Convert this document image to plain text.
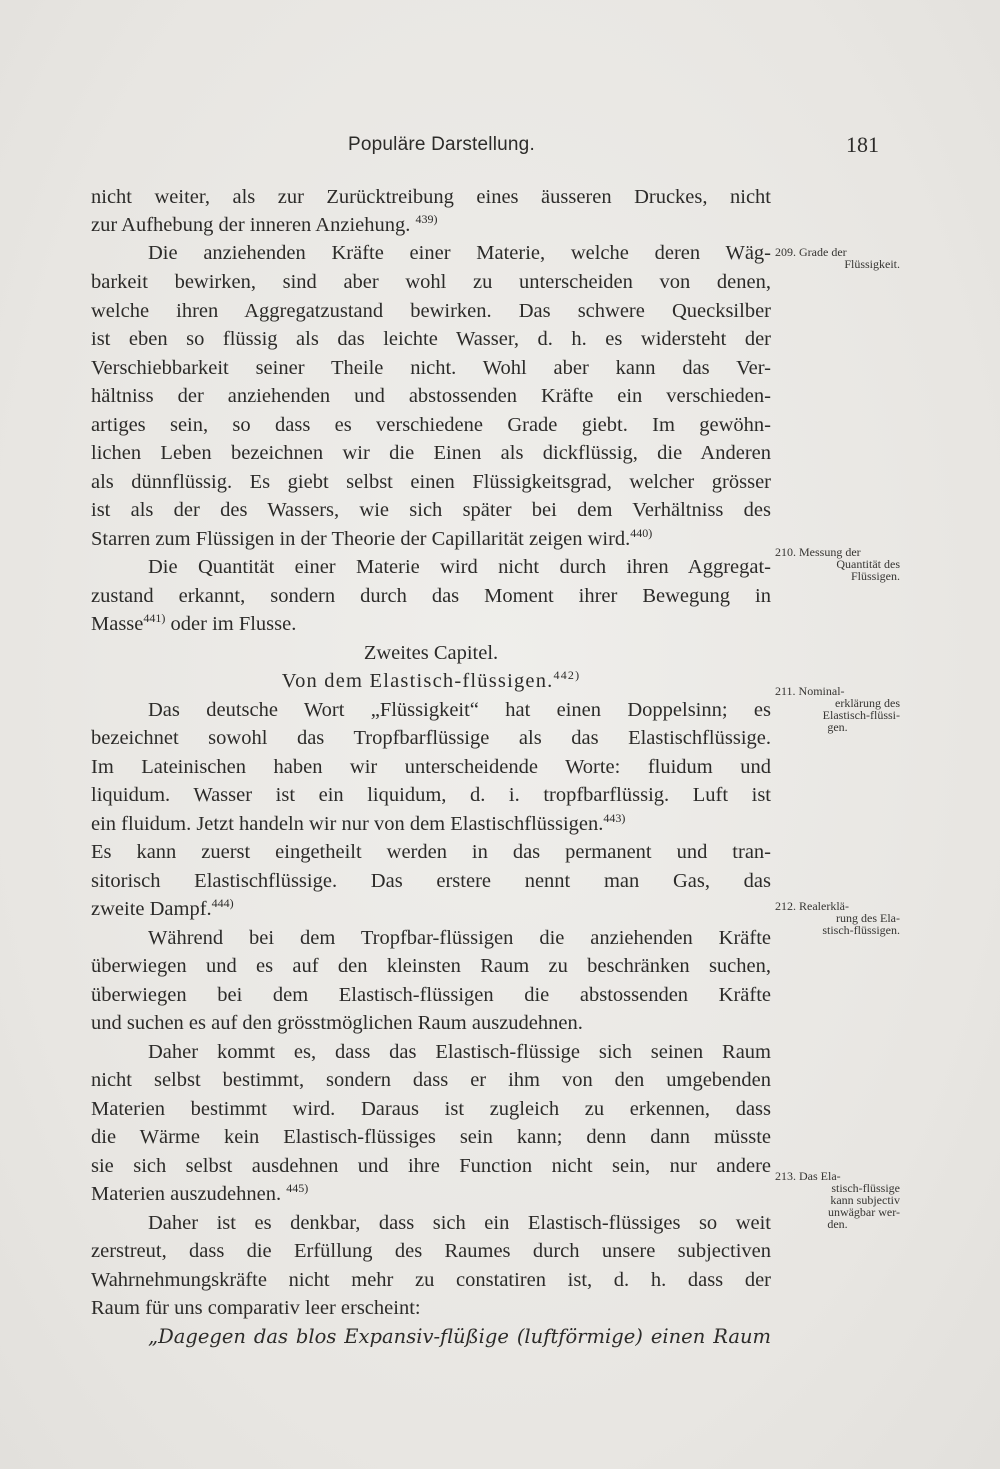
Populäre Darstellung.	181
nicht weiter, als zur Zurücktreibung eines äusseren Druckes, nicht
zur Aufhebung der inneren Anziehung. $^{439)}$
Die anziehenden Kräfte einer Materie, welche deren Wäg-
barkeit bewirken, sind aber wohl zu unterscheiden von denen,
welche ihren Aggregatzustand bewirken. Das schwere Quecksilber
ist eben so flüssig als das leichte Wasser, d. h. es widersteht der
Verschiebbarkeit seiner Theile nicht. Wohl aber kann das Ver-
hältniss der anziehenden und abstossenden Kräfte ein verschieden-
artiges sein, so dass es verschiedene Grade giebt. Im gewöhn-
lichen Leben bezeichnen wir die Einen als dickflüssig, die Anderen
als dünnflüssig. Es giebt selbst einen Flüssigkeitsgrad, welcher grösser
ist als der des Wassers, wie sich später bei dem Verhältniss des
Starren zum Flüssigen in der Theorie der Capillarität zeigen wird.$^{440)}$
Die Quantität einer Materie wird nicht durch ihren Aggregat-
zustand erkannt, sondern durch das Moment ihrer Bewegung in
Masse$^{441)}$ oder im Flusse.
Zweites Capitel.
Von dem Elastisch-flüssigen.$^{442)}$
Das deutsche Wort „Flüssigkeit“ hat einen Doppelsinn; es
bezeichnet sowohl das Tropfbarflüssige als das Elastischflüssige.
Im Lateinischen haben wir unterscheidende Worte: fluidum und
liquidum. Wasser ist ein liquidum, d. i. tropfbarflüssig. Luft ist
ein fluidum. Jetzt handeln wir nur von dem Elastischflüssigen.$^{443)}$
Es kann zuerst eingetheilt werden in das permanent und tran-
sitorisch Elastischflüssige. Das erstere nennt man Gas, das
zweite Dampf.$^{444)}$
Während bei dem Tropfbar-flüssigen die anziehenden Kräfte
überwiegen und es auf den kleinsten Raum zu beschränken suchen,
überwiegen bei dem Elastisch-flüssigen die abstossenden Kräfte
und suchen es auf den grösstmöglichen Raum auszudehnen.
Daher kommt es, dass das Elastisch-flüssige sich seinen Raum
nicht selbst bestimmt, sondern dass er ihm von den umgebenden
Materien bestimmt wird. Daraus ist zugleich zu erkennen, dass
die Wärme kein Elastisch-flüssiges sein kann; denn dann müsste
sie sich selbst ausdehnen und ihre Function nicht sein, nur andere
Materien auszudehnen. $^{445)}$
Daher ist es denkbar, dass sich ein Elastisch-flüssiges so weit
zerstreut, dass die Erfüllung des Raumes durch unsere subjectiven
Wahrnehmungskräfte nicht mehr zu constatiren ist, d. h. dass der
Raum für uns comparativ leer erscheint:
„Dagegen das blos Expansiv-flüßige (luftförmige) einen Raum
209. Grade der
Flüssigkeit.
210. Messung der
Quantität des
Flüssigen.
211. Nominal-
erklärung des
Elastisch-flüssi-
gen.
212. Realerklä-
rung des Ela-
stisch-flüssigen.
213. Das Ela-
stisch-flüssige
kann subjectiv
unwägbar wer-
den.
